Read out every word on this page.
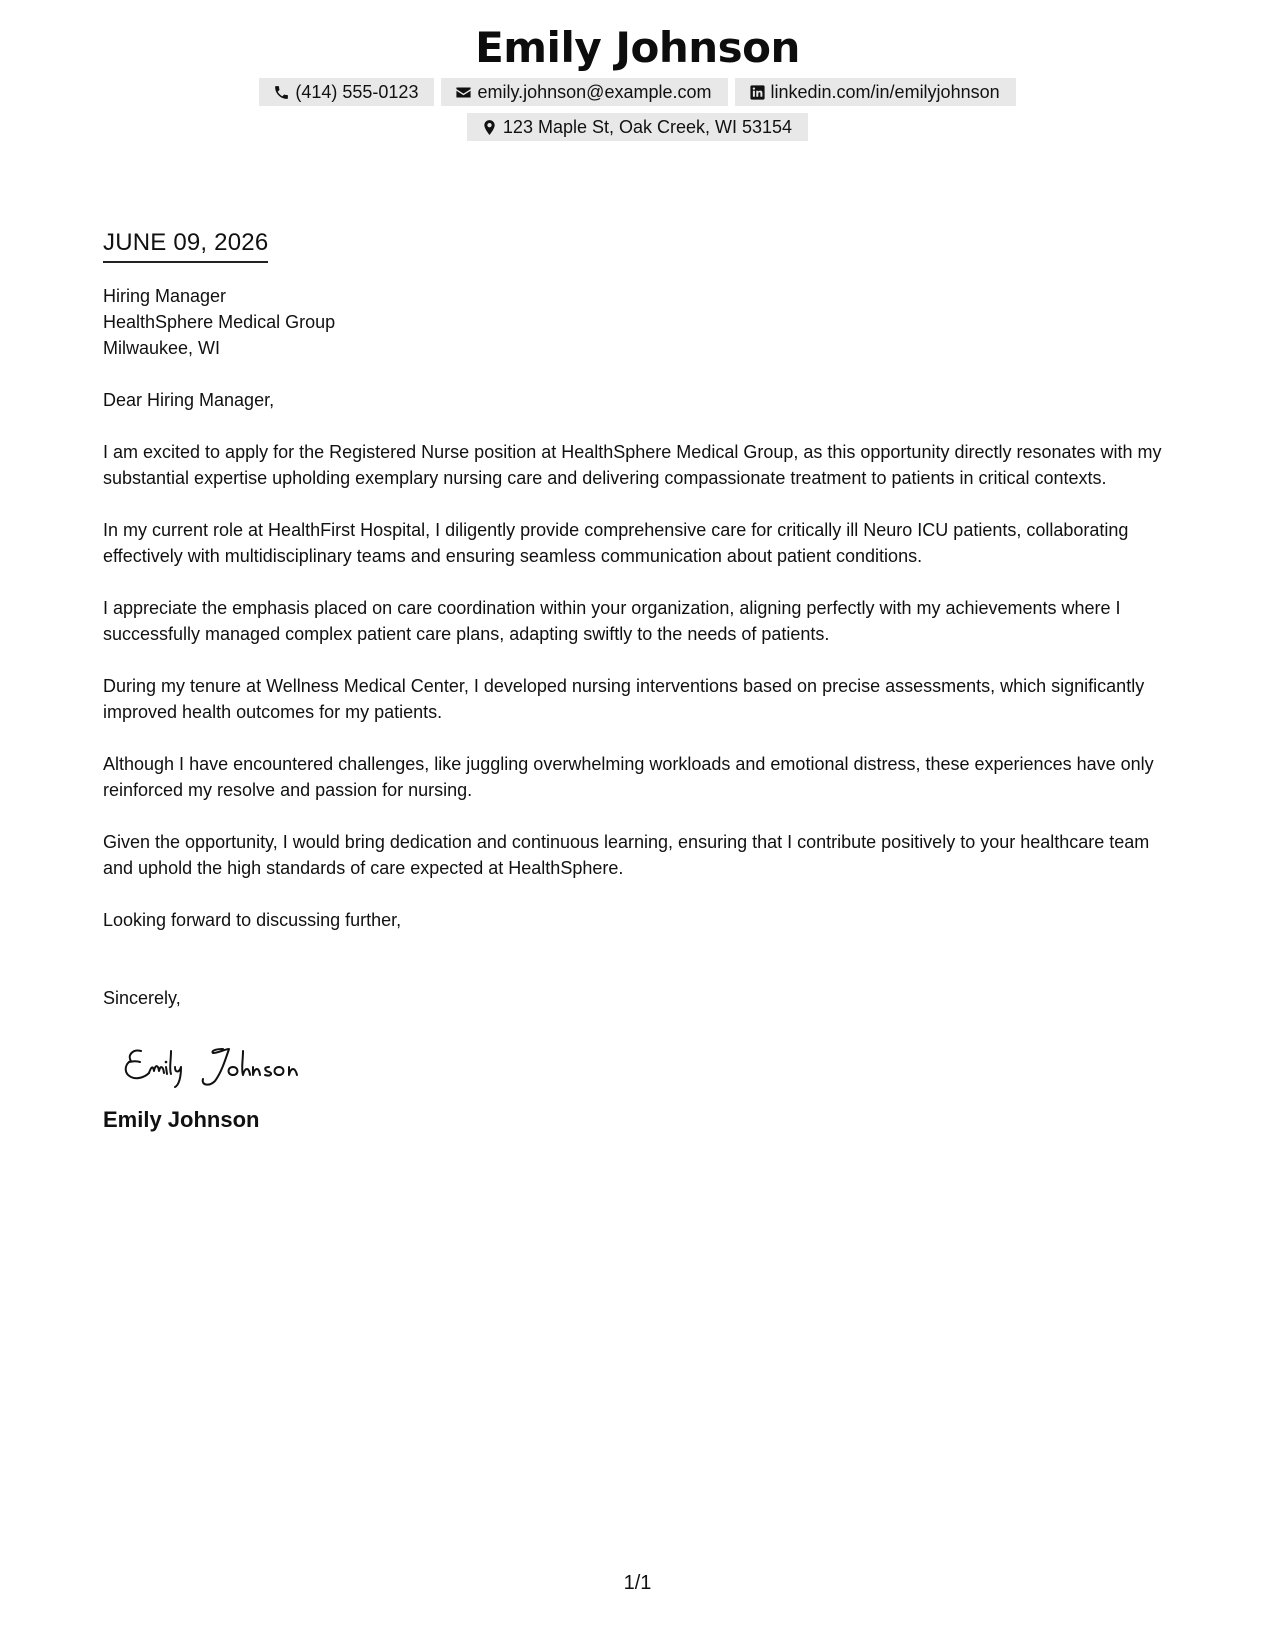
Emily Johnson
(414) 555-0123	emily.johnson@example.com	linkedin.com/in/emilyjohnson
123 Maple St, Oak Creek, WI 53154
JUNE 09, 2026
Hiring Manager
HealthSphere Medical Group
Milwaukee, WI
Dear Hiring Manager,
I am excited to apply for the Registered Nurse position at HealthSphere Medical Group, as this opportunity directly resonates with my substantial expertise upholding exemplary nursing care and delivering compassionate treatment to patients in critical contexts.
In my current role at HealthFirst Hospital, I diligently provide comprehensive care for critically ill Neuro ICU patients, collaborating effectively with multidisciplinary teams and ensuring seamless communication about patient conditions.
I appreciate the emphasis placed on care coordination within your organization, aligning perfectly with my achievements where I successfully managed complex patient care plans, adapting swiftly to the needs of patients.
During my tenure at Wellness Medical Center, I developed nursing interventions based on precise assessments, which significantly improved health outcomes for my patients.
Although I have encountered challenges, like juggling overwhelming workloads and emotional distress, these experiences have only reinforced my resolve and passion for nursing.
Given the opportunity, I would bring dedication and continuous learning, ensuring that I contribute positively to your healthcare team and uphold the high standards of care expected at HealthSphere.
Looking forward to discussing further,
Sincerely,
Emily Johnson
1/1
